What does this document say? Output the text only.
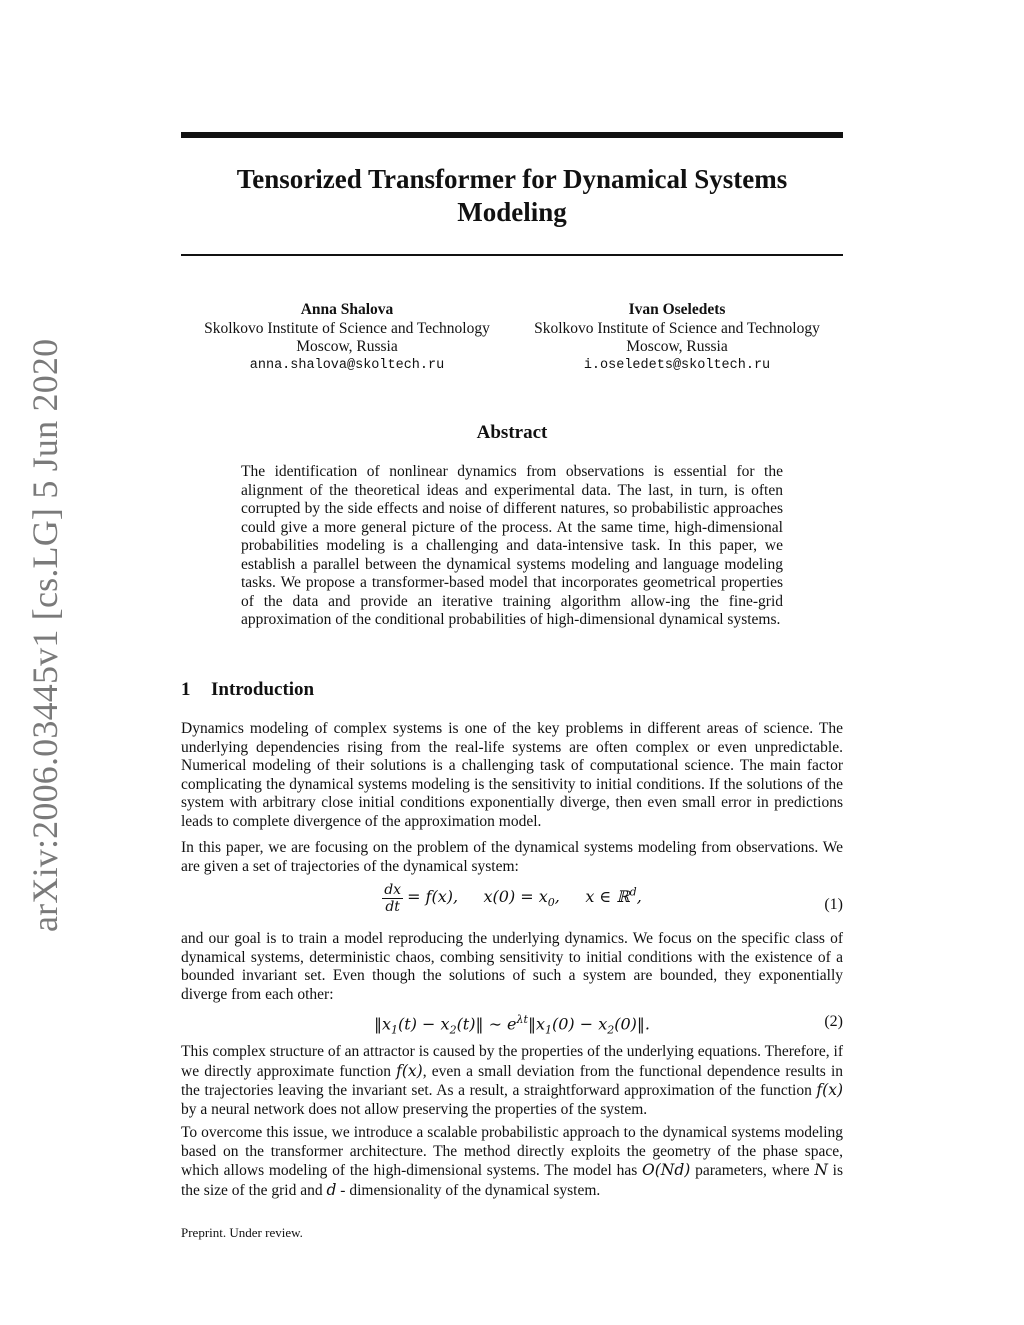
Tensorized Transformer for Dynamical Systems
Modeling
arXiv:2006.03445v1 [cs.LG] 5 Jun 2020
Anna Shalova
Skolkovo Institute of Science and Technology
Moscow, Russia
anna.shalova@skoltech.ru
Ivan Oseledets
Skolkovo Institute of Science and Technology
Moscow, Russia
i.oseledets@skoltech.ru
Abstract
The identification of nonlinear dynamics from observations is essential for the alignment of the theoretical ideas and experimental data. The last, in turn, is often corrupted by the side effects and noise of different natures, so probabilistic approaches could give a more general picture of the process. At the same time, high-dimensional probabilities modeling is a challenging and data-intensive task. In this paper, we establish a parallel between the dynamical systems modeling and language modeling tasks. We propose a transformer-based model that incorporates geometrical properties of the data and provide an iterative training algorithm allow-ing the fine-grid approximation of the conditional probabilities of high-dimensional dynamical systems.
1 Introduction
Dynamics modeling of complex systems is one of the key problems in different areas of science. The underlying dependencies rising from the real-life systems are often complex or even unpredictable. Numerical modeling of their solutions is a challenging task of computational science. The main factor complicating the dynamical systems modeling is the sensitivity to initial conditions. If the solutions of the system with arbitrary close initial conditions exponentially diverge, then even small error in predictions leads to complete divergence of the approximation model.
In this paper, we are focusing on the problem of the dynamical systems modeling from observations. We are given a set of trajectories of the dynamical system:
$\frac{dx}{dt} = f(x)$,     $x(0) = x_0$,     x ∈ ℝ$^d$,	(1)
and our goal is to train a model reproducing the underlying dynamics. We focus on the specific class of dynamical systems, deterministic chaos, combing sensitivity to initial conditions with the existence of a bounded invariant set. Even though the solutions of such a system are bounded, they exponentially diverge from each other:
$‖x_1(t)$ − $x_2(t)‖$ ∼ $e^{\lambda t}‖x_1(0)$ − $x_2(0)‖$.	(2)
This complex structure of an attractor is caused by the properties of the underlying equations. Therefore, if we directly approximate function f(x), even a small deviation from the functional dependence results in the trajectories leaving the invariant set. As a result, a straightforward approximation of the function f(x) by a neural network does not allow preserving the properties of the system.
To overcome this issue, we introduce a scalable probabilistic approach to the dynamical systems modeling based on the transformer architecture. The method directly exploits the geometry of the phase space, which allows modeling of the high-dimensional systems. The model has O(Nd) parameters, where N is the size of the grid and d - dimensionality of the dynamical system.
Preprint. Under review.
